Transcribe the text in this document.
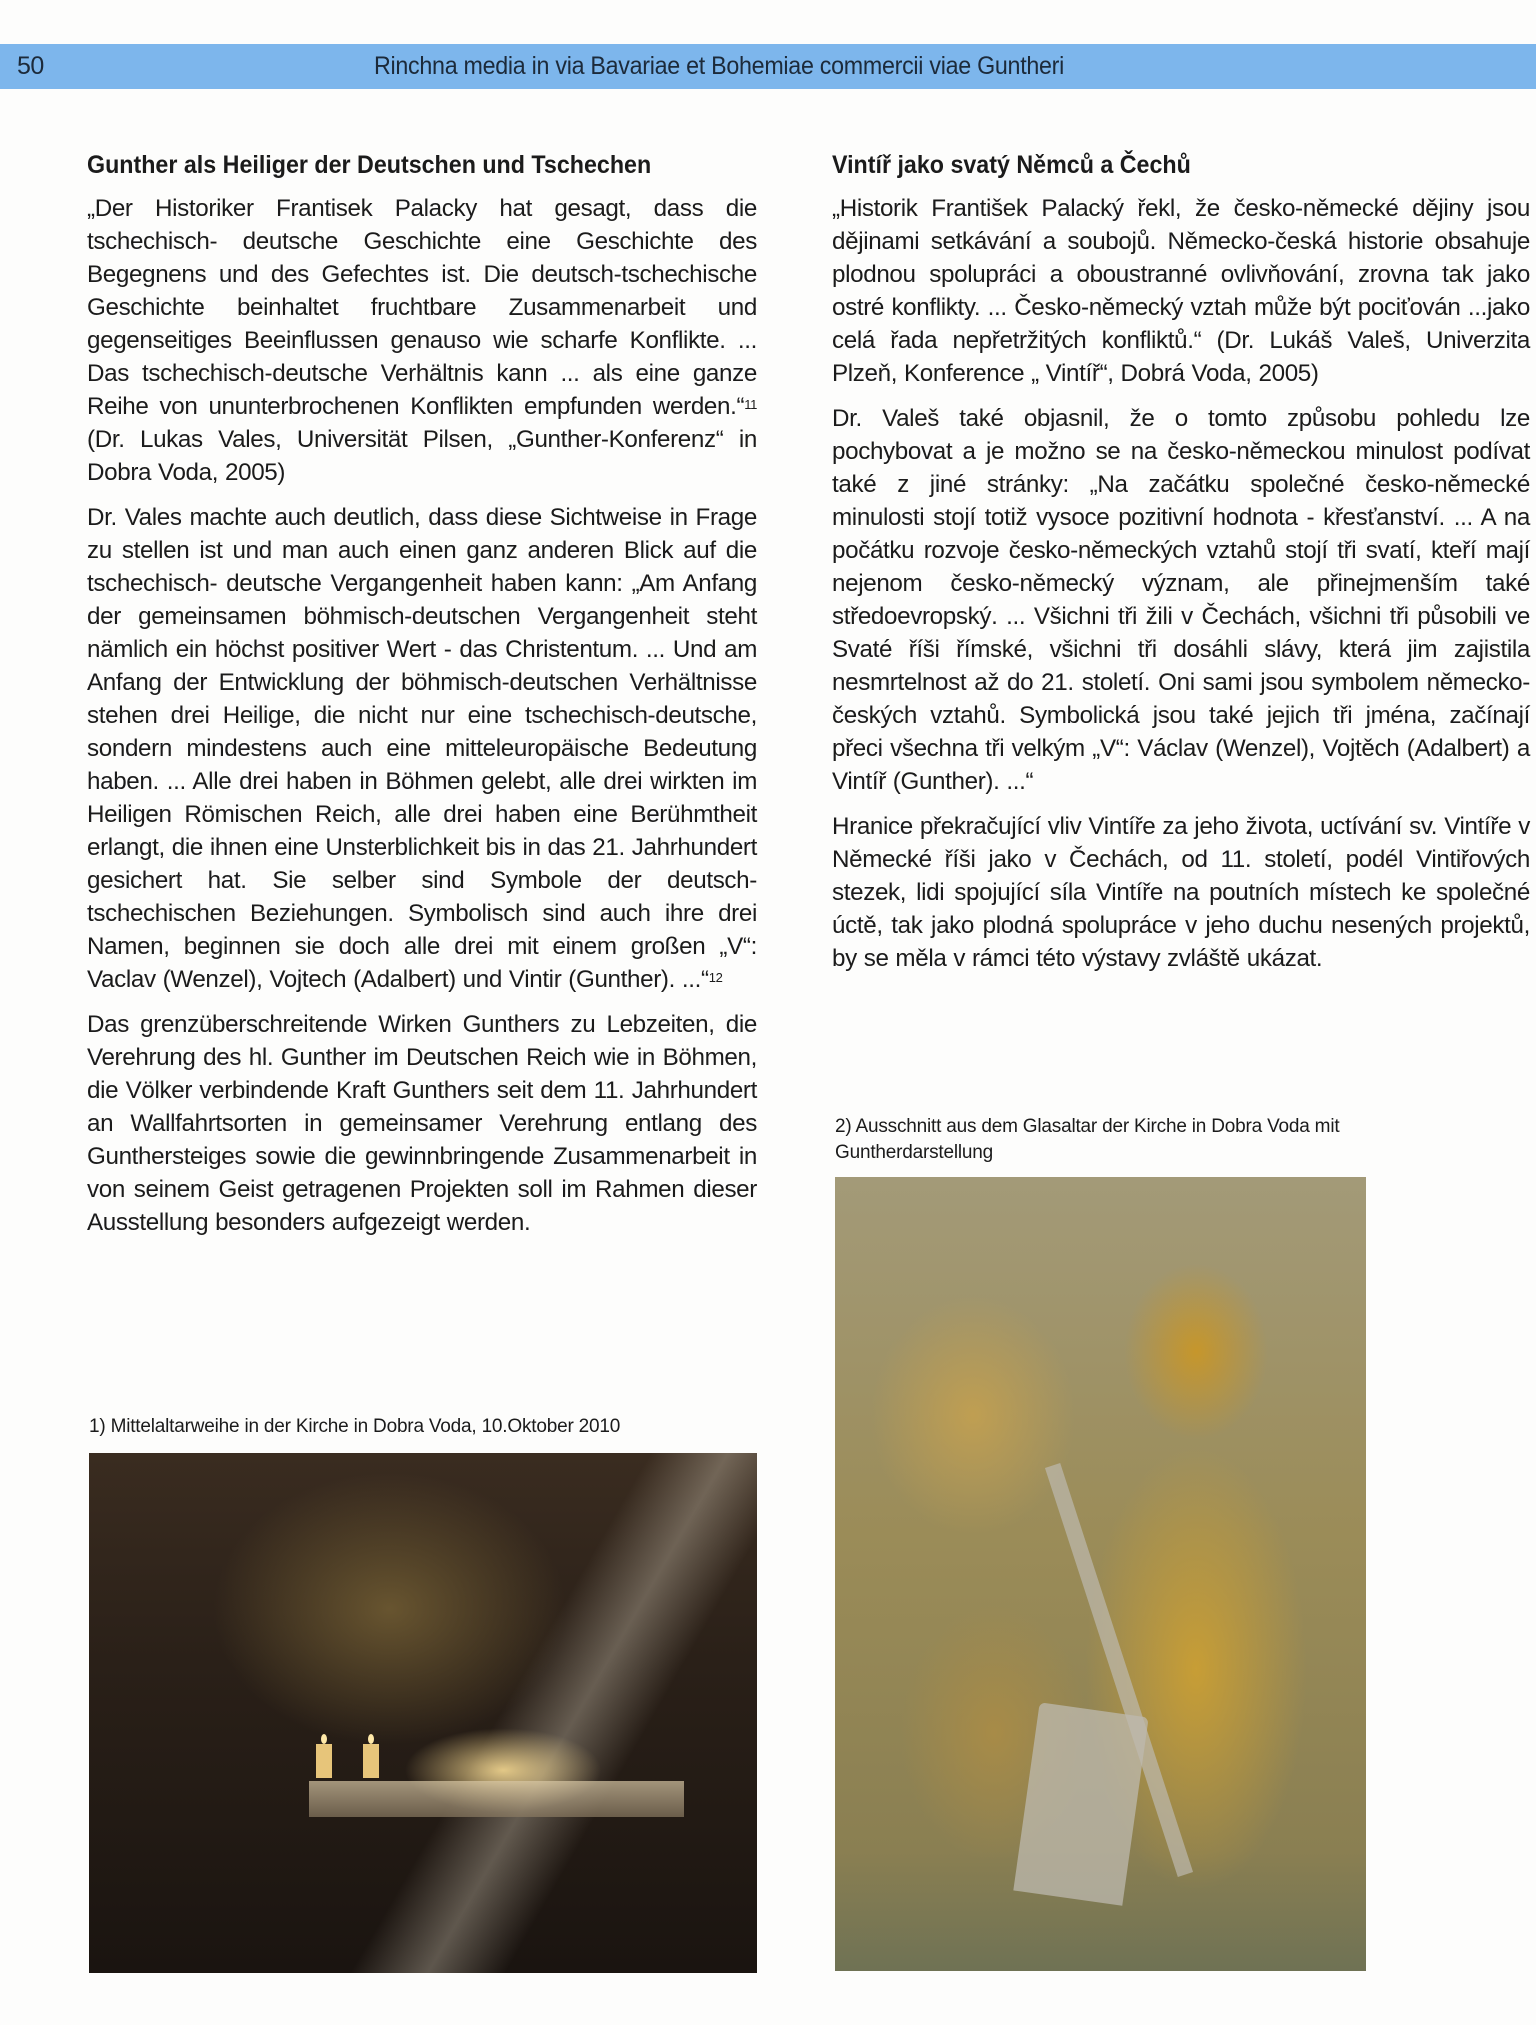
50	Rinchna media in via Bavariae et Bohemiae commercii viae Guntheri
Gunther als Heiliger der Deutschen und Tschechen

„Der Historiker Frantisek Palacky hat gesagt, dass die tschechisch- deutsche Geschichte eine Geschichte des Begegnens und des Gefechtes ist. Die deutsch-tschechische Geschichte beinhaltet fruchtbare Zusammenarbeit und gegenseitiges Beeinflussen genauso wie scharfe Konflikte. ... Das tschechisch-deutsche Verhältnis kann ... als eine ganze Reihe von ununterbrochenen Konflikten empfunden werden.“$^{11}$ (Dr. Lukas Vales, Universität Pilsen, „Gunther-Konferenz“ in Dobra Voda, 2005)

Dr. Vales machte auch deutlich, dass diese Sichtweise in Frage zu stellen ist und man auch einen ganz anderen Blick auf die tschechisch- deutsche Vergangenheit haben kann: „Am Anfang der gemeinsamen böhmisch-deutschen Vergangenheit steht nämlich ein höchst positiver Wert - das Christentum. ... Und am Anfang der Entwicklung der böhmisch-deutschen Verhältnisse stehen drei Heilige, die nicht nur eine tschechisch-deutsche, sondern mindestens auch eine mitteleuropäische Bedeutung haben. ... Alle drei haben in Böhmen gelebt, alle drei wirkten im Heiligen Römischen Reich, alle drei haben eine Berühmtheit erlangt, die ihnen eine Unsterblichkeit bis in das 21. Jahrhundert gesichert hat. Sie selber sind Symbole der deutsch-tschechischen Beziehungen. Symbolisch sind auch ihre drei Namen, beginnen sie doch alle drei mit einem großen „V“: Vaclav (Wenzel), Vojtech (Adalbert) und Vintir (Gunther). ...“$^{12}$

Das grenzüberschreitende Wirken Gunthers zu Lebzeiten, die Verehrung des hl. Gunther im Deutschen Reich wie in Böhmen, die Völker verbindende Kraft Gunthers seit dem 11. Jahrhundert an Wallfahrtsorten in gemeinsamer Verehrung entlang des Gunthersteiges sowie die gewinnbringende Zusammenarbeit in von seinem Geist getragenen Projekten soll im Rahmen dieser Ausstellung besonders aufgezeigt werden.

Vintíř jako svatý Němců a Čechů

„Historik František Palacký řekl, že česko-německé dějiny jsou dějinami setkávání a soubojů. Německo-česká historie obsahuje plodnou spolupráci a oboustranné ovlivňování, zrovna tak jako ostré konflikty. ... Česko-německý vztah může být pociťován ...jako celá řada nepřetržitých konfliktů.“ (Dr. Lukáš Valeš, Univerzita Plzeň, Konference „ Vintíř“, Dobrá Voda, 2005)

Dr. Valeš také objasnil, že o tomto způsobu pohledu lze pochybovat a je možno se na česko-německou minulost podívat také z jiné stránky: „Na začátku společné česko-německé minulosti stojí totiž vysoce pozitivní hodnota - křesťanství. ... A na počátku rozvoje česko-německých vztahů stojí tři svatí, kteří mají nejenom česko-německý význam, ale přinejmenším také středoevropský. ... Všichni tři žili v Čechách, všichni tři působili ve Svaté říši římské, všichni tři dosáhli slávy, která jim zajistila nesmrtelnost až do 21. století. Oni sami jsou symbolem německo- českých vztahů. Symbolická jsou také jejich tři jména, začínají přeci všechna tři velkým „V“: Václav (Wenzel), Vojtěch (Adalbert) a Vintíř (Gunther). ...“

Hranice překračující vliv Vintíře za jeho života, uctívání sv. Vintíře v Německé říši jako v Čechách, od 11. století, podél Vintiřových stezek, lidi spojující síla Vintíře na poutních místech ke společné úctě, tak jako plodná spolupráce v jeho duchu nesených projektů, by se měla v rámci této výstavy zvláště ukázat.

1) Mittelaltarweihe in der Kirche in Dobra Voda, 10.Oktober 2010
2) Ausschnitt aus dem Glasaltar der Kirche in Dobra Voda mit Guntherdarstellung
